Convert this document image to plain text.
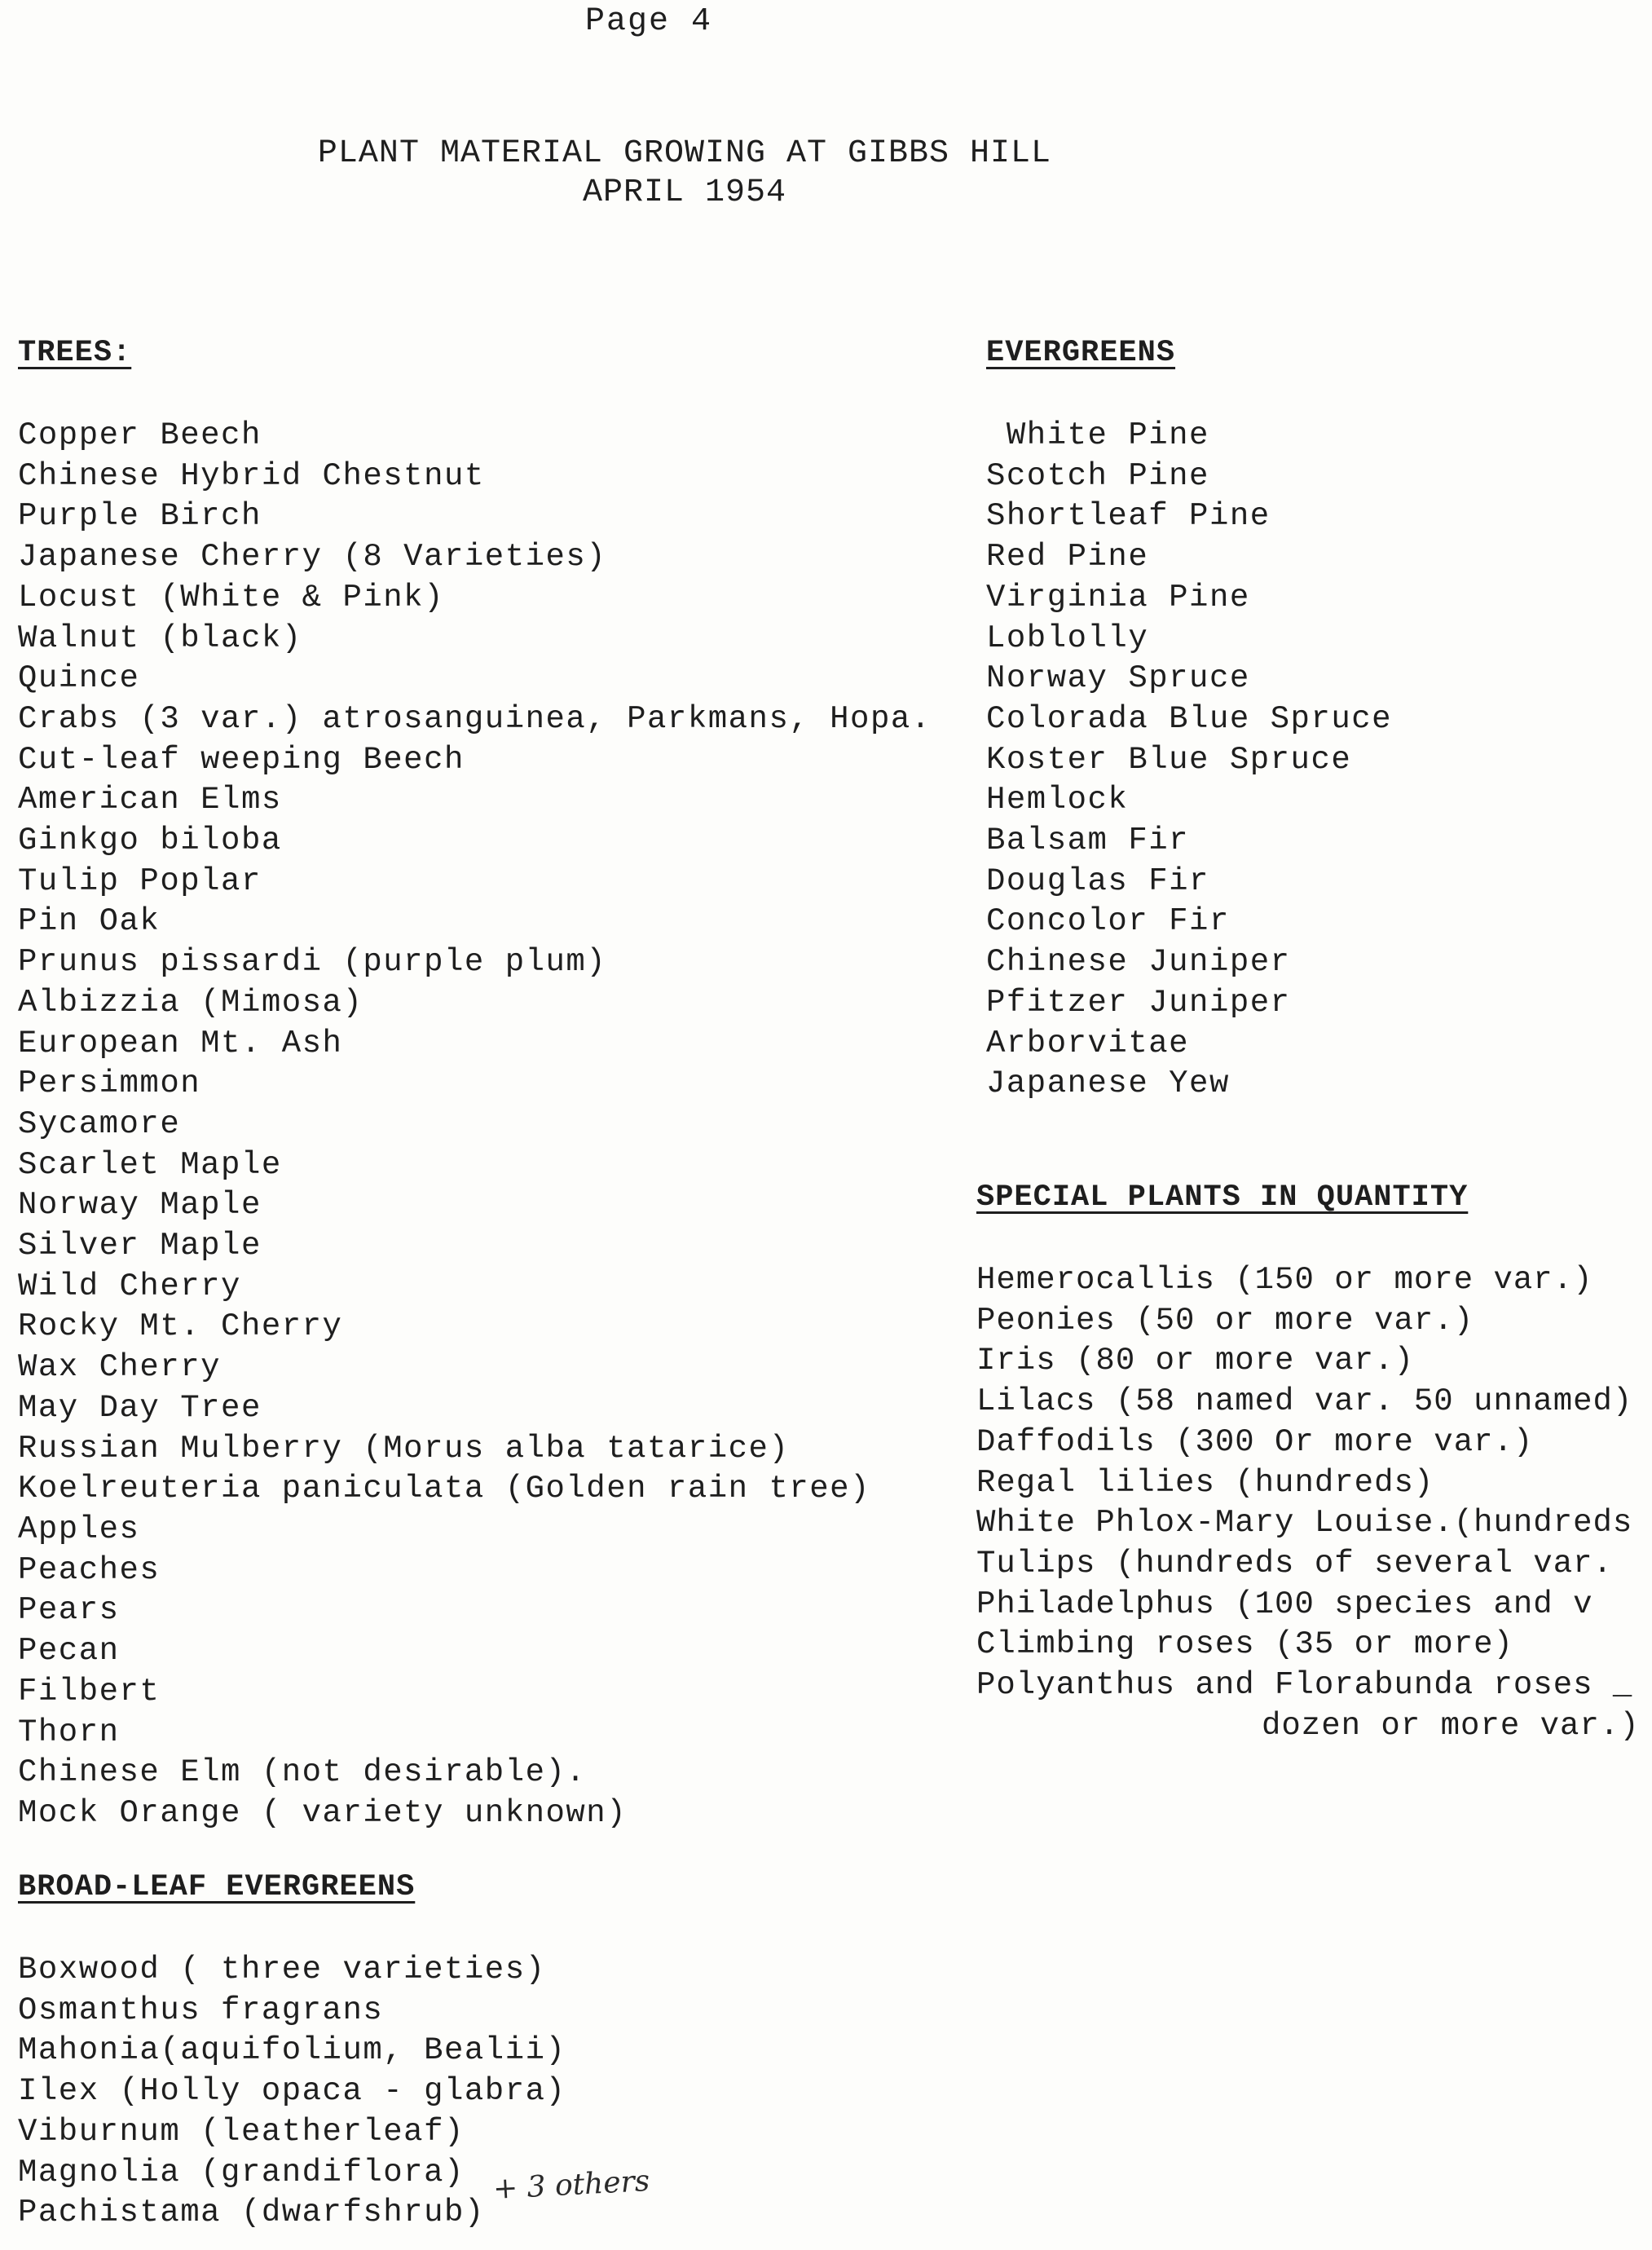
Page 4
PLANT MATERIAL GROWING AT GIBBS HILL
APRIL 1954
TREES:
Copper Beech
Chinese Hybrid Chestnut
Purple Birch
Japanese Cherry (8 Varieties)
Locust (White & Pink)
Walnut (black)
Quince
Crabs (3 var.) atrosanguinea, Parkmans, Hopa.
Cut-leaf weeping Beech
American Elms
Ginkgo biloba
Tulip Poplar
Pin Oak
Prunus pissardi (purple plum)
Albizzia (Mimosa)
European Mt. Ash
Persimmon
Sycamore
Scarlet Maple
Norway Maple
Silver Maple
Wild Cherry
Rocky Mt. Cherry
Wax Cherry
May Day Tree
Russian Mulberry (Morus alba tatarice)
Koelreuteria paniculata (Golden rain tree)
Apples
Peaches
Pears
Pecan
Filbert
Thorn
Chinese Elm (not desirable).
Mock Orange ( variety unknown)
BROAD-LEAF EVERGREENS
Boxwood ( three varieties)
Osmanthus fragrans
Mahonia(aquifolium, Bealii)
Ilex (Holly opaca - glabra)
Viburnum (leatherleaf)
Magnolia (grandiflora)
Pachistama (dwarfshrub)
+ 3 others
EVERGREENS
White Pine
Scotch Pine
Shortleaf Pine
Red Pine
Virginia Pine
Loblolly
Norway Spruce
Colorada Blue Spruce
Koster Blue Spruce
Hemlock
Balsam Fir
Douglas Fir
Concolor Fir
Chinese Juniper
Pfitzer Juniper
Arborvitae
Japanese Yew
SPECIAL PLANTS IN QUANTITY
Hemerocallis (150 or more var.)
Peonies (50 or more var.)
Iris (80 or more var.)
Lilacs (58 named var. 50 unnamed)
Daffodils (300 Or more var.)
Regal lilies (hundreds)
White Phlox-Mary Louise.(hundreds
Tulips (hundreds of several var.
Philadelphus (100 species and v
Climbing roses (35 or more)
Polyanthus and Florabunda roses _
dozen or more var.)
